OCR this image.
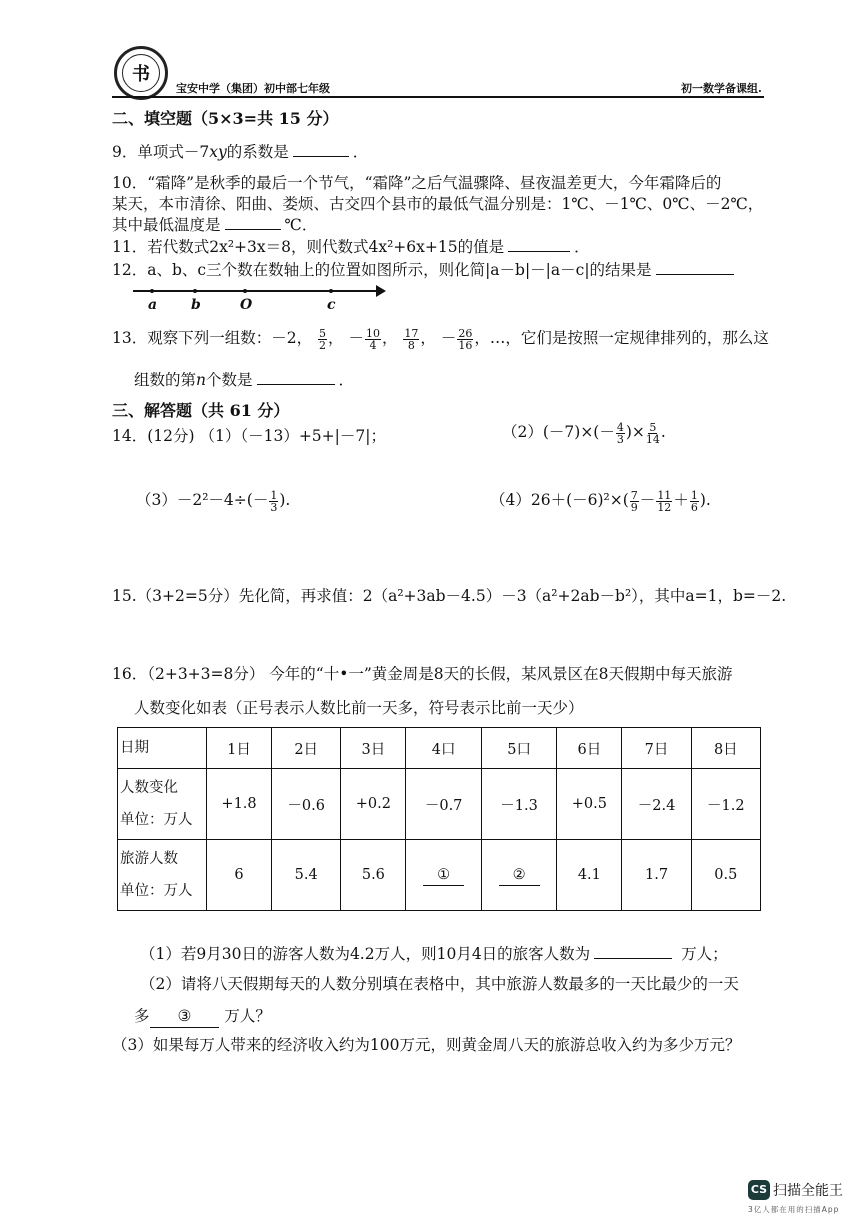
书
宝安中学（集团）初中部七年级	初一数学备课组.
二、填空题（5×3=共 15 分）
9．单项式－7xy的系数是	．
10．“霜降”是秋季的最后一个节气，“霜降”之后气温骤降、昼夜温差更大，今年霜降后的
某天，本市清徐、阳曲、娄烦、古交四个县市的最低气温分别是：1℃、－1℃、0℃、－2℃，
其中最低温度是	℃．
11．若代数式2x²+3x＝8，则代数式4x²+6x+15的值是	．
12．a、b、c三个数在数轴上的位置如图所示，则化简|a－b|－|a－c|的结果是
a b	O	c
13．观察下列一组数：－2， $\frac{5}{2}$ ， － $\frac{10}{4}$ ， $\frac{17}{8}$ ， － $\frac{26}{16}$ ，…，它们是按照一定规律排列的，那么这
组数的第n个数是	．
三、解答题（共 61 分）
14．(12分) （1）（－13）+5+|－7|；	$(2)(-7)\times(- \frac{4}{3}$ )× $\frac{5}{14}$ .
$(3)-2^2-4\div(- \frac{1}{3}$ ).	$(4)26+(-6)^2\times( \frac{7}{9} - \frac{11}{12} + \frac{1}{6}$ ).
15.（3+2=5分）先化简，再求值：2（a²+3ab－4.5）－3（a²+2ab－b²），其中a=1，b=－2.
16．（2+3+3=8分） 今年的“十•一”黄金周是8天的长假，某风景区在8天假期中每天旅游
人数变化如表（正号表示人数比前一天多，符号表示比前一天少）
日期	1日	2日	3日	4口	5口	6日	7日	8日

人数变化
单位：万人	+1.8	－0.6	+0.2	－0.7	－1.3	+0.5	－2.4	－1.2

旅游人数
单位：万人	6	5.4	5.6	①	②	4.1	1.7	0.5
（1）若9月30日的游客人数为4.2万人，则10月4日的旅客人数为	万人；
（2）请将八天假期每天的人数分别填在表格中，其中旅游人数最多的一天比最少的一天
多 ③ 万人？
（3）如果每万人带来的经济收入约为100万元，则黄金周八天的旅游总收入约为多少万元？
CS 扫描全能王
3亿人都在用的扫描App
